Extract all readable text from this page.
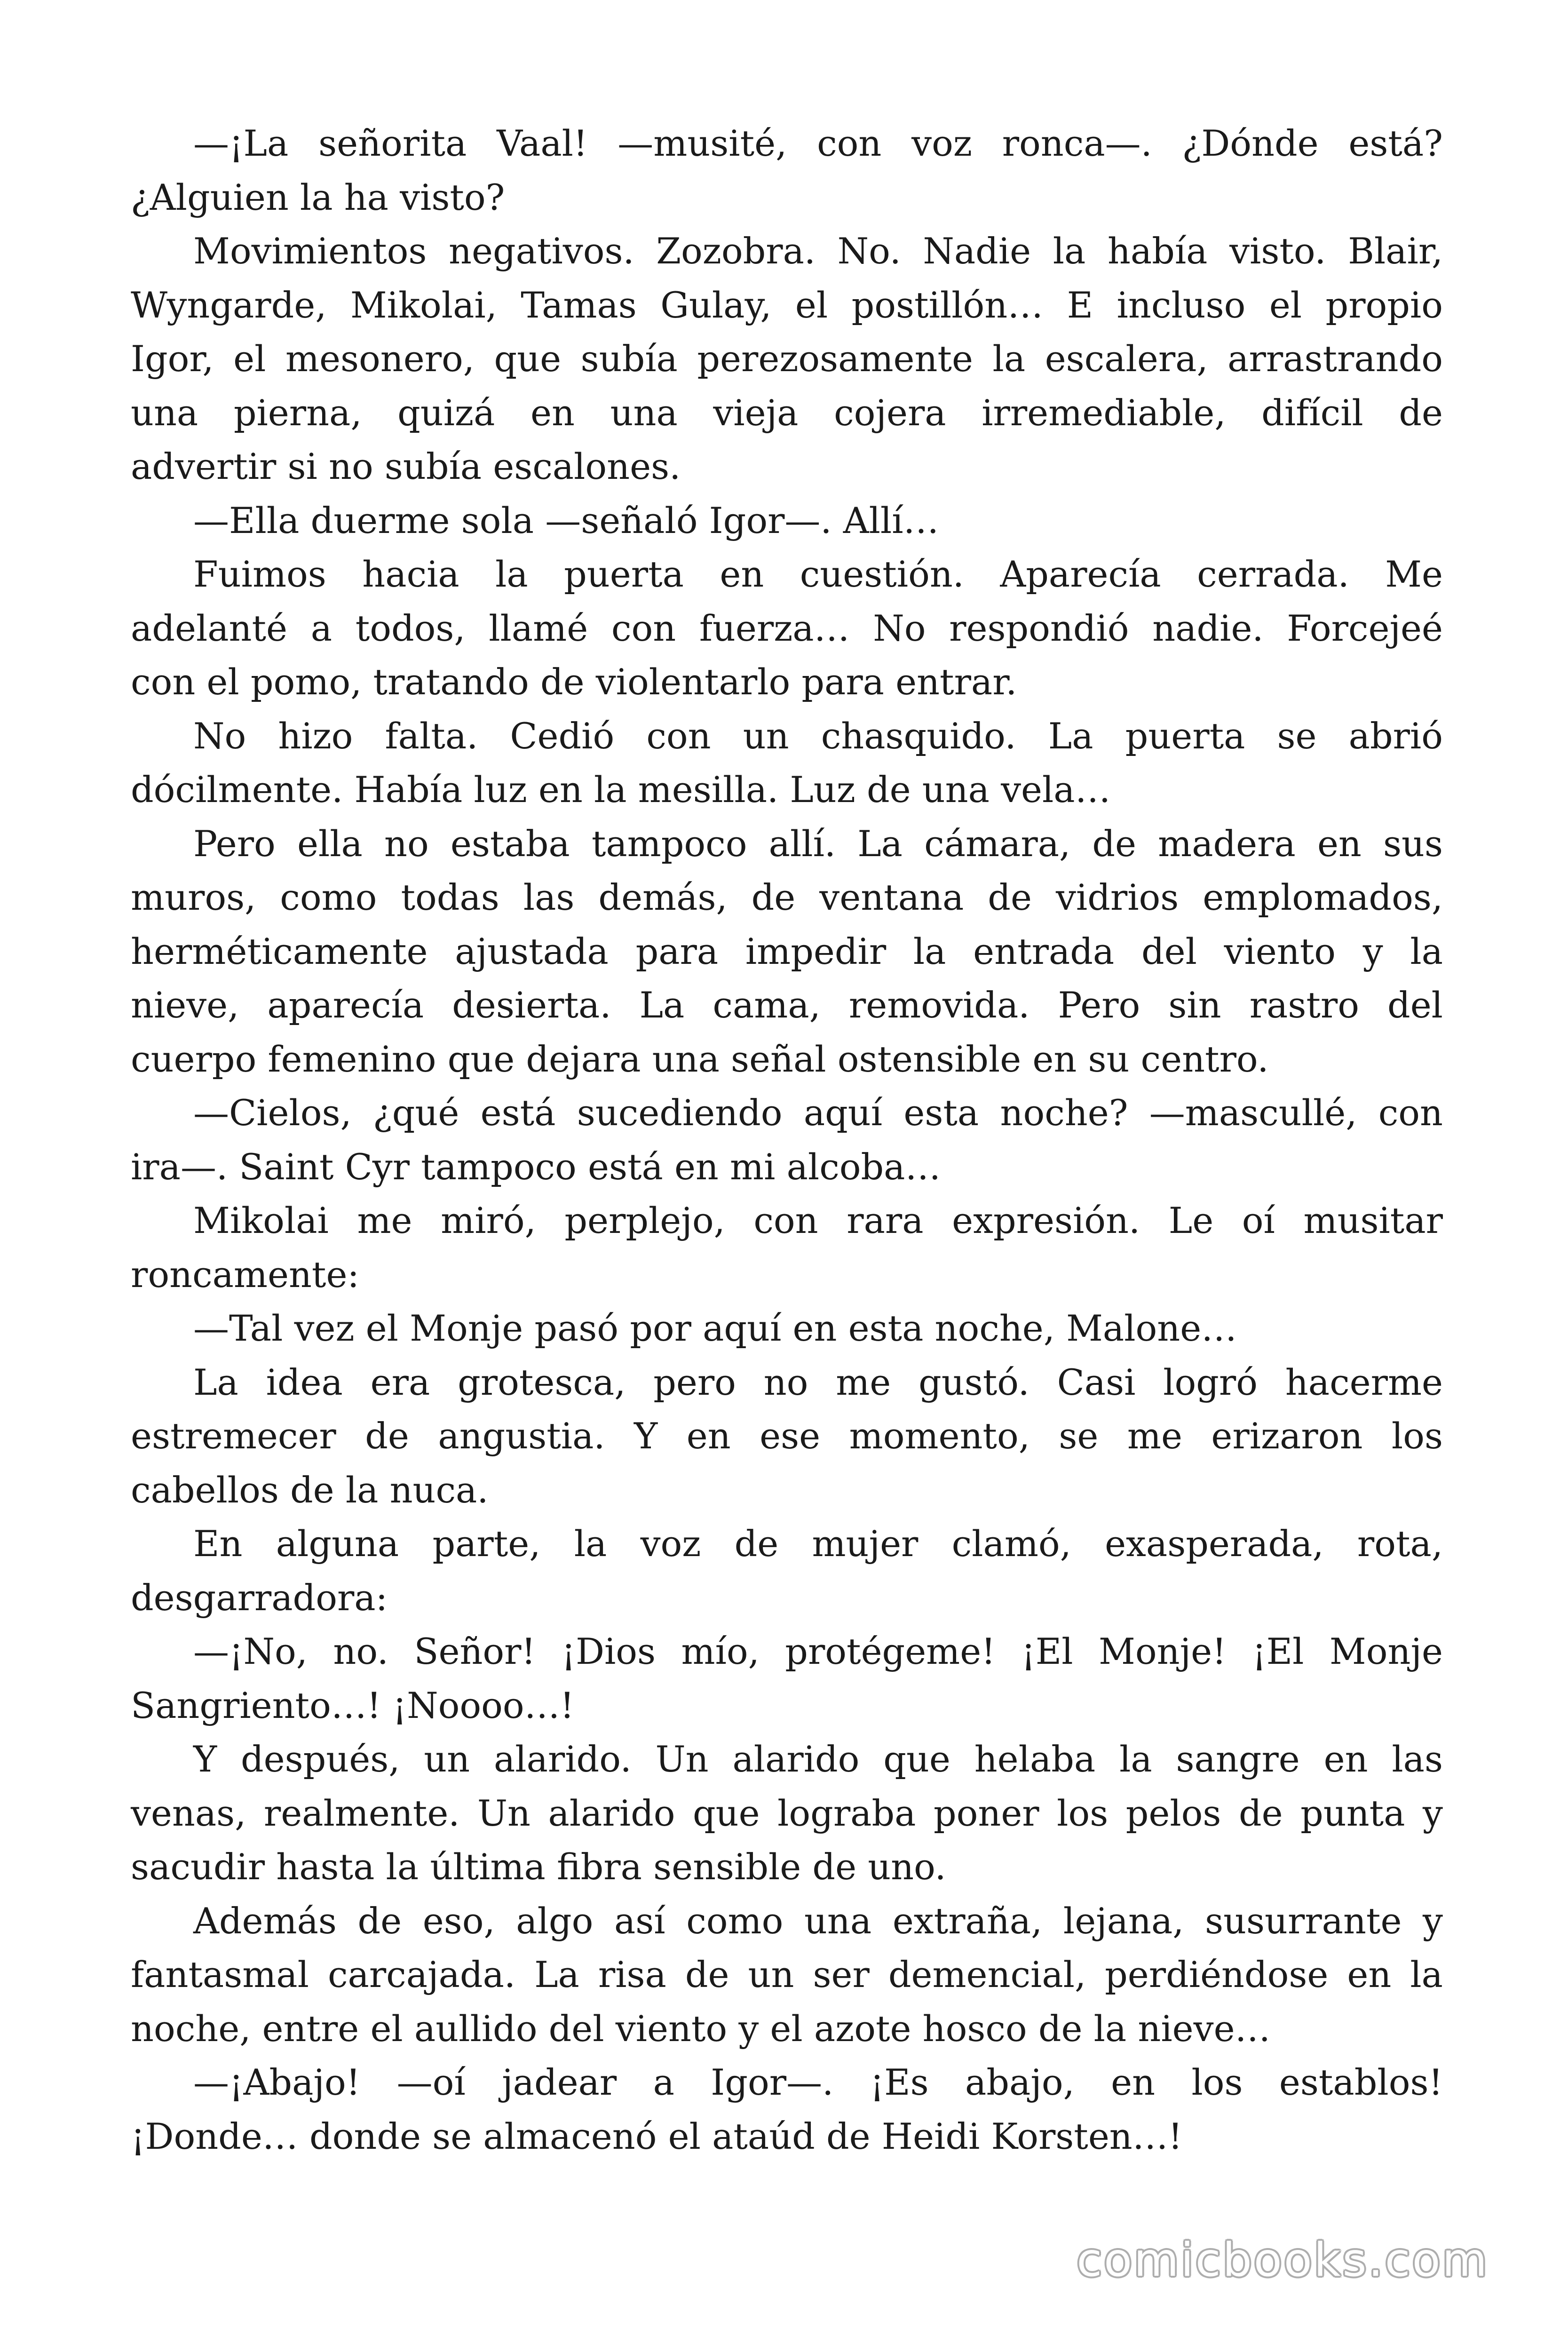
—¡La señorita Vaal! —musité, con voz ronca—. ¿Dónde está?
¿Alguien la ha visto?
Movimientos negativos. Zozobra. No. Nadie la había visto. Blair,
Wyngarde, Mikolai, Tamas Gulay, el postillón… E incluso el propio
Igor, el mesonero, que subía perezosamente la escalera, arrastrando
una pierna, quizá en una vieja cojera irremediable, difícil de
advertir si no subía escalones.
—Ella duerme sola —señaló Igor—. Allí…
Fuimos hacia la puerta en cuestión. Aparecía cerrada. Me
adelanté a todos, llamé con fuerza… No respondió nadie. Forcejeé
con el pomo, tratando de violentarlo para entrar.
No hizo falta. Cedió con un chasquido. La puerta se abrió
dócilmente. Había luz en la mesilla. Luz de una vela…
Pero ella no estaba tampoco allí. La cámara, de madera en sus
muros, como todas las demás, de ventana de vidrios emplomados,
herméticamente ajustada para impedir la entrada del viento y la
nieve, aparecía desierta. La cama, removida. Pero sin rastro del
cuerpo femenino que dejara una señal ostensible en su centro.
—Cielos, ¿qué está sucediendo aquí esta noche? —mascullé, con
ira—. Saint Cyr tampoco está en mi alcoba…
Mikolai me miró, perplejo, con rara expresión. Le oí musitar
roncamente:
—Tal vez el Monje pasó por aquí en esta noche, Malone…
La idea era grotesca, pero no me gustó. Casi logró hacerme
estremecer de angustia. Y en ese momento, se me erizaron los
cabellos de la nuca.
En alguna parte, la voz de mujer clamó, exasperada, rota,
desgarradora:
—¡No, no. Señor! ¡Dios mío, protégeme! ¡El Monje! ¡El Monje
Sangriento…! ¡Noooo…!
Y después, un alarido. Un alarido que helaba la sangre en las
venas, realmente. Un alarido que lograba poner los pelos de punta y
sacudir hasta la última fibra sensible de uno.
Además de eso, algo así como una extraña, lejana, susurrante y
fantasmal carcajada. La risa de un ser demencial, perdiéndose en la
noche, entre el aullido del viento y el azote hosco de la nieve…
—¡Abajo! —oí jadear a Igor—. ¡Es abajo, en los establos!
¡Donde… donde se almacenó el ataúd de Heidi Korsten…!
comicbooks.com
